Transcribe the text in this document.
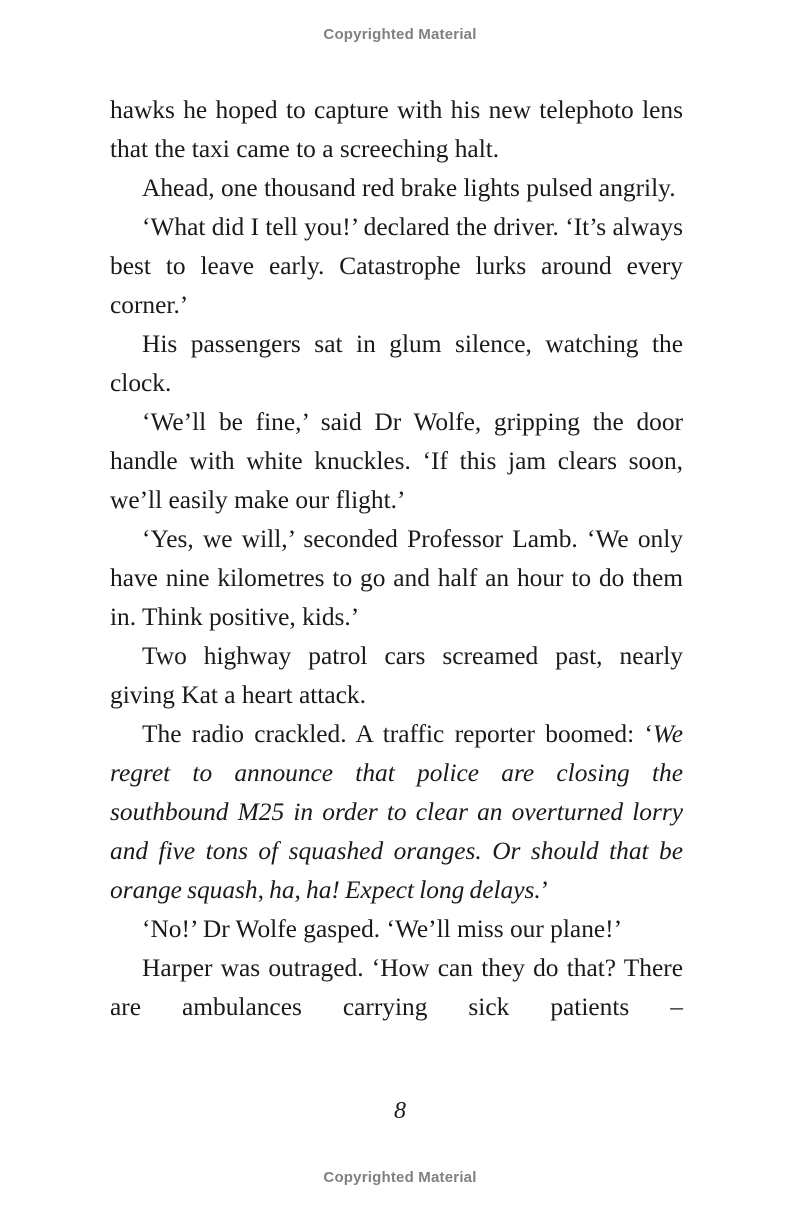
Copyrighted Material

hawks he hoped to capture with his new telephoto lens that the taxi came to a screeching halt.

Ahead, one thousand red brake lights pulsed angrily.

‘What did I tell you!’ declared the driver. ‘It’s always best to leave early. Catastrophe lurks around every corner.’

His passengers sat in glum silence, watching the clock.

‘We’ll be fine,’ said Dr Wolfe, gripping the door handle with white knuckles. ‘If this jam clears soon, we’ll easily make our flight.’

‘Yes, we will,’ seconded Professor Lamb. ‘We only have nine kilometres to go and half an hour to do them in. Think positive, kids.’

Two highway patrol cars screamed past, nearly giving Kat a heart attack.

The radio crackled. A traffic reporter boomed: ‘We regret to announce that police are closing the southbound M25 in order to clear an overturned lorry and five tons of squashed oranges. Or should that be orange squash, ha, ha! Expect long delays.’

‘No!’ Dr Wolfe gasped. ‘We’ll miss our plane!’

Harper was outraged. ‘How can they do that? There are ambulances carrying sick patients –

8
Copyrighted Material
